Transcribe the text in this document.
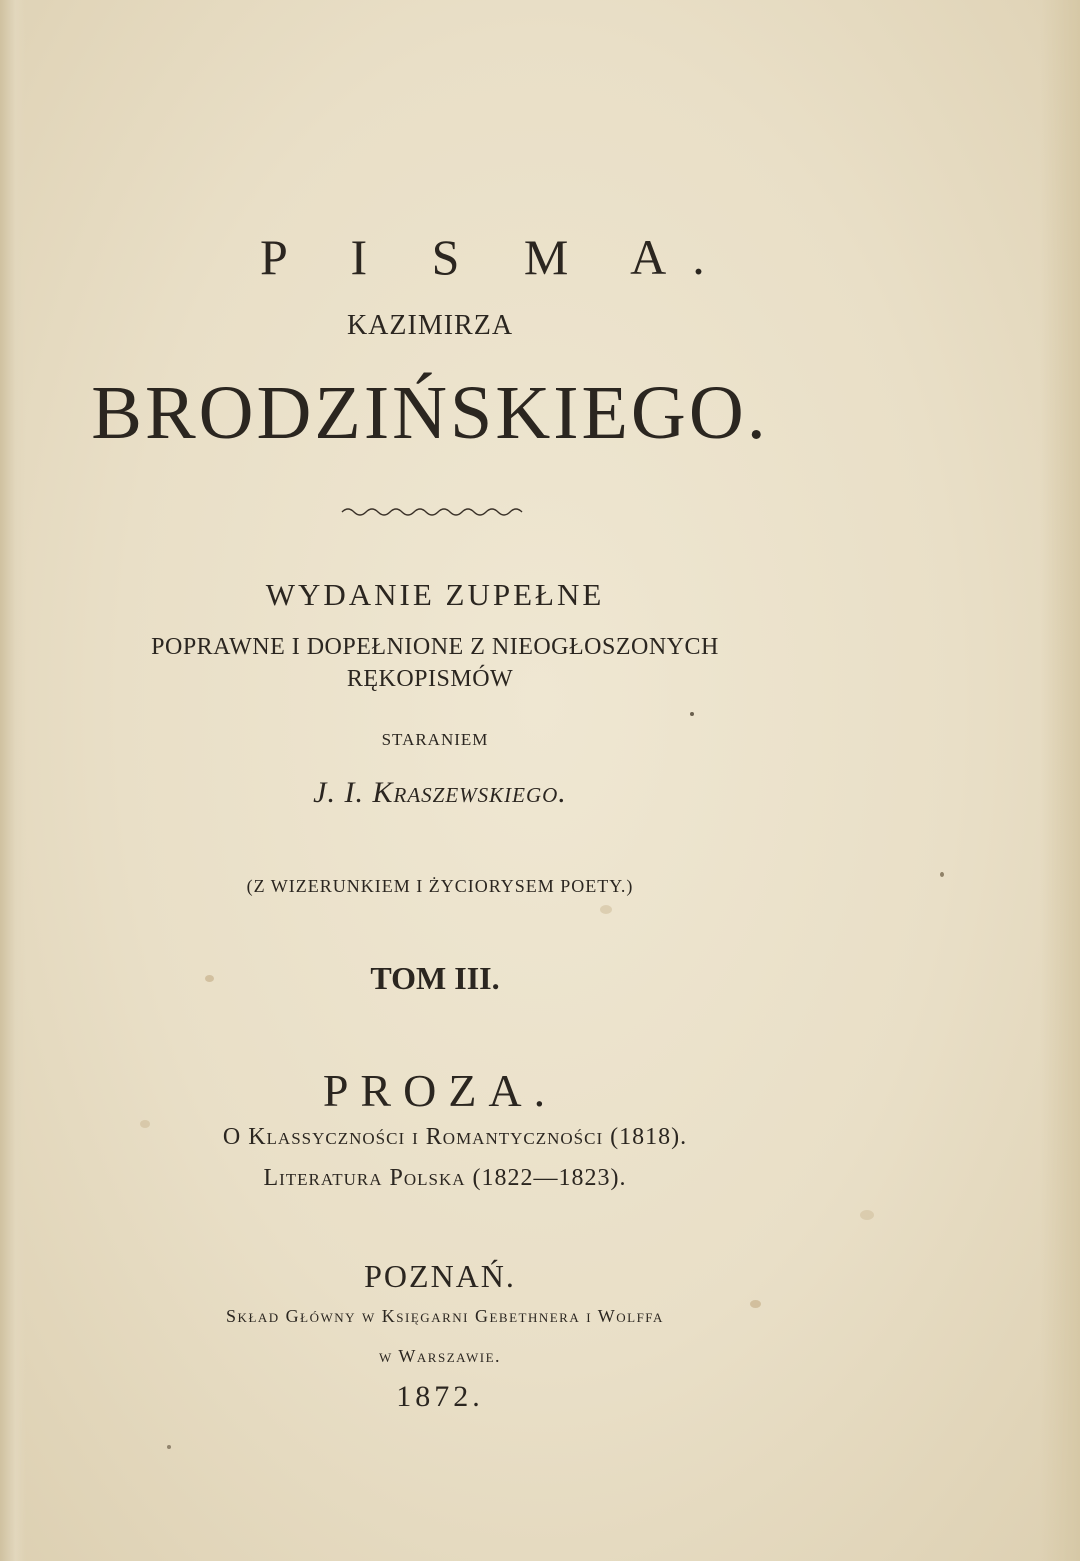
P I S M A.
KAZIMIRZA
BRODZIŃSKIEGO.
WYDANIE ZUPEŁNE
POPRAWNE I DOPEŁNIONE Z NIEOGŁOSZONYCH
RĘKOPISMÓW
STARANIEM
J. I. Kraszewskiego.
(Z WIZERUNKIEM I ŻYCIORYSEM POETY.)
TOM III.
PROZA.
O Klassyczności i Romantyczności (1818).
Literatura Polska (1822—1823).
POZNAŃ.
Skład Główny w Księgarni Gebethnera i Wolffa
w Warszawie.
1872.
